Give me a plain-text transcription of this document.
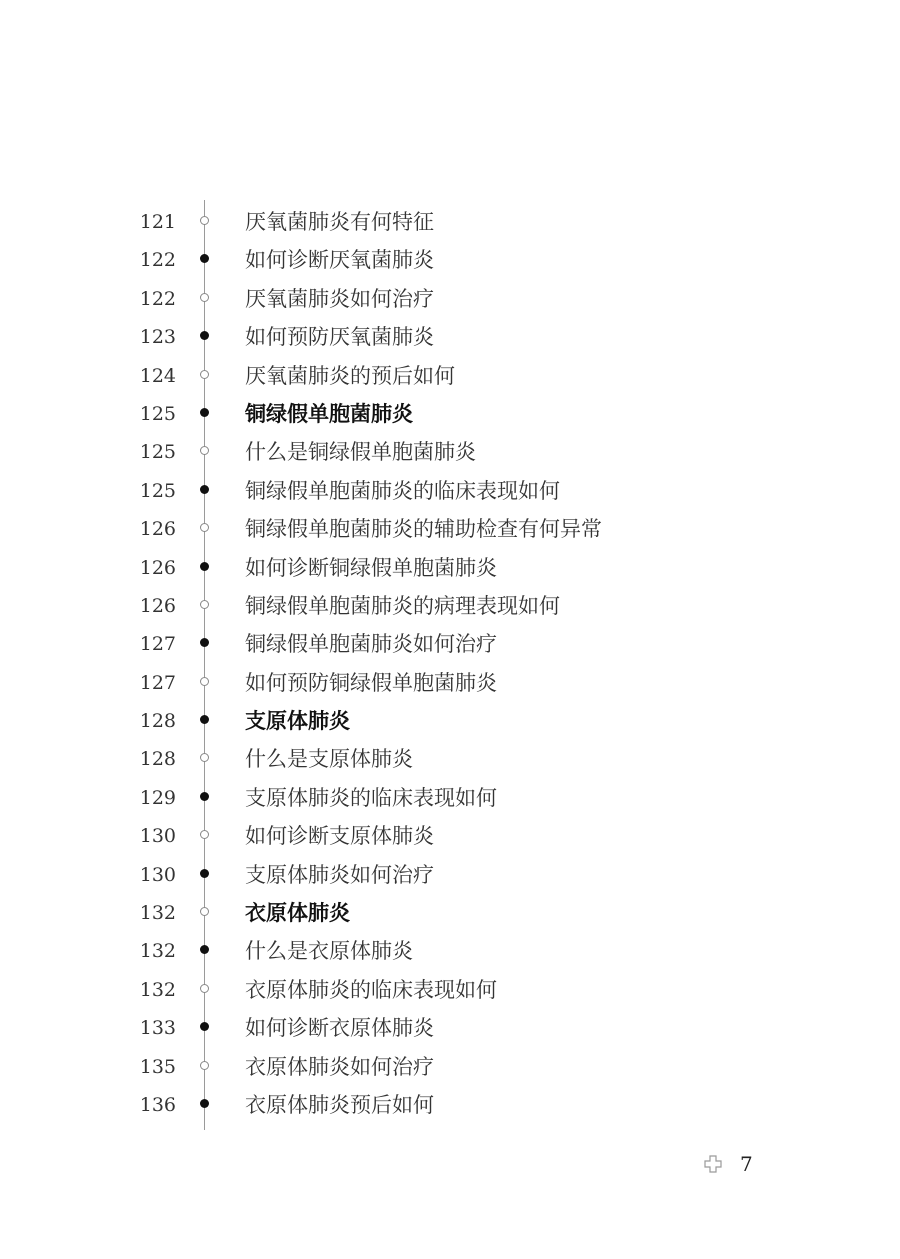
121	厌氧菌肺炎有何特征
122	如何诊断厌氧菌肺炎
122	厌氧菌肺炎如何治疗
123	如何预防厌氧菌肺炎
124	厌氧菌肺炎的预后如何
125	铜绿假单胞菌肺炎
125	什么是铜绿假单胞菌肺炎
125	铜绿假单胞菌肺炎的临床表现如何
126	铜绿假单胞菌肺炎的辅助检查有何异常
126	如何诊断铜绿假单胞菌肺炎
126	铜绿假单胞菌肺炎的病理表现如何
127	铜绿假单胞菌肺炎如何治疗
127	如何预防铜绿假单胞菌肺炎
128	支原体肺炎
128	什么是支原体肺炎
129	支原体肺炎的临床表现如何
130	如何诊断支原体肺炎
130	支原体肺炎如何治疗
132	衣原体肺炎
132	什么是衣原体肺炎
132	衣原体肺炎的临床表现如何
133	如何诊断衣原体肺炎
135	衣原体肺炎如何治疗
136	衣原体肺炎预后如何
7
